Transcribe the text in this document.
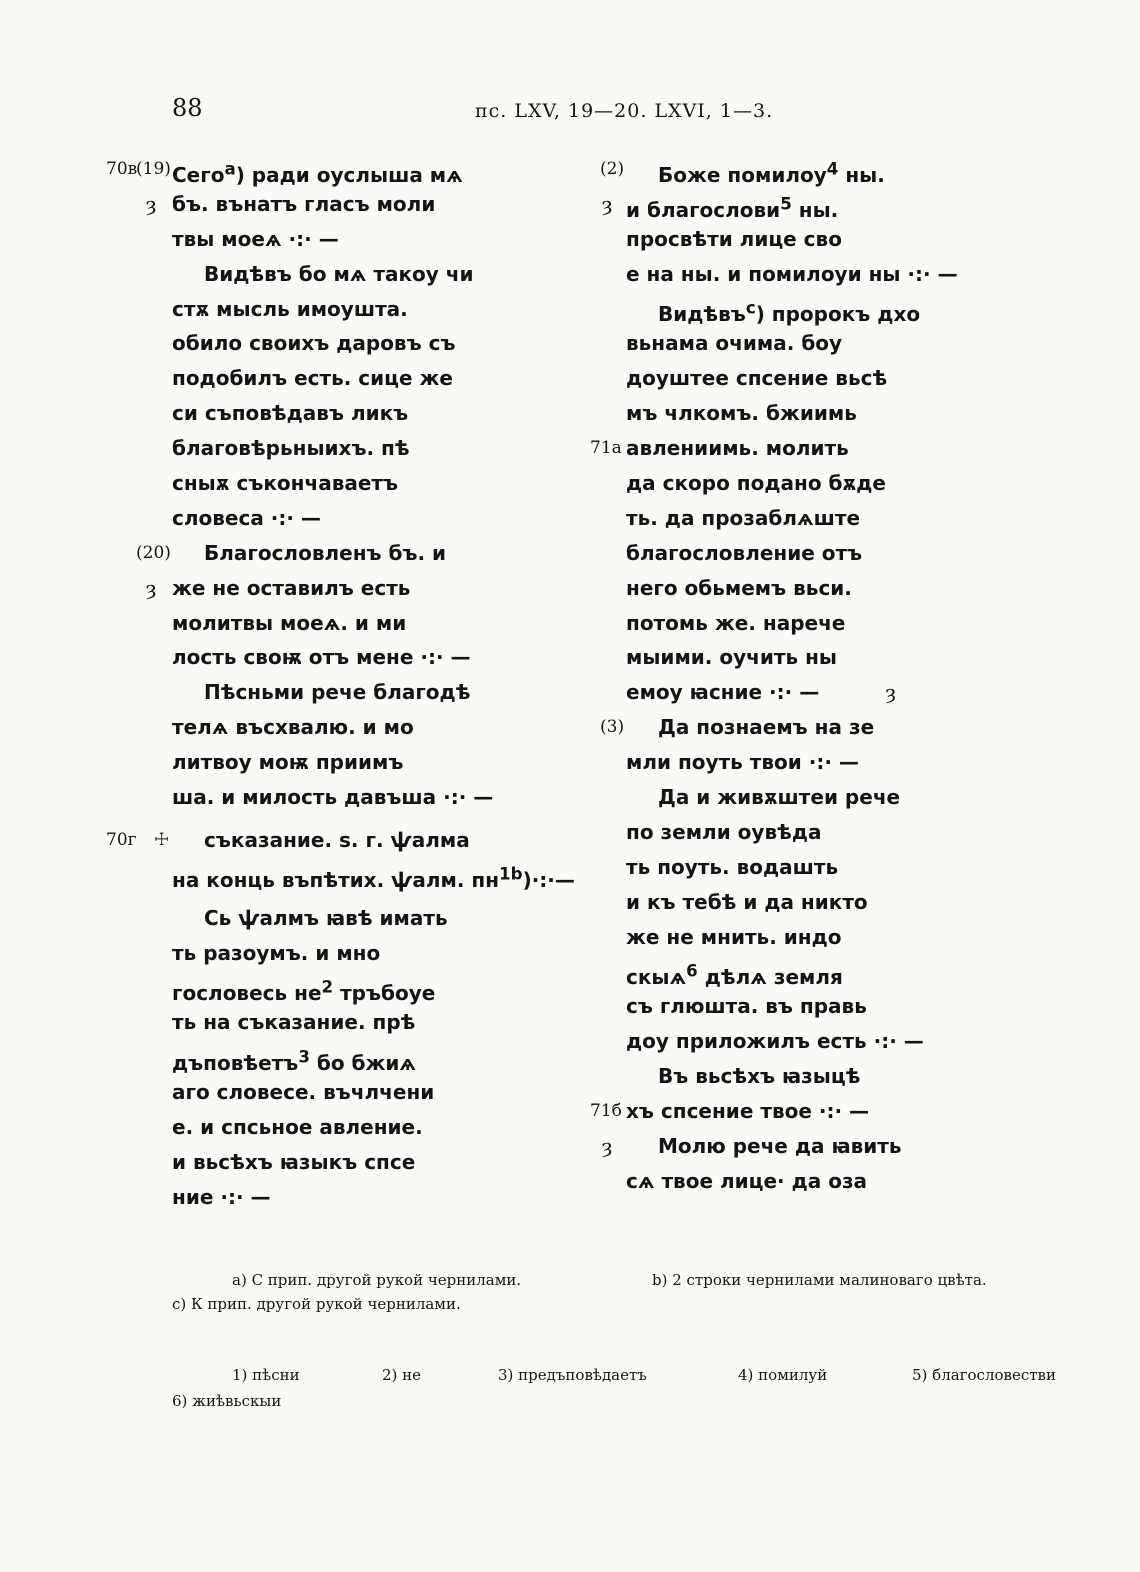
88	пс. LXV, 19—20. LXVI, 1—3.
70в
(19) Сего$^a$) ради оуслыша мѧ
ȝ бъ. вънатъ гласъ моли
твы моеѧ ·:· —
Видѣвъ бо мѧ такоу чи
стѫ мысль имоушта.
обило своихъ даровъ съ
подобилъ есть. сице же
си съповѣдавъ ликъ
благовѣрьныихъ. пѣ
сныѫ съкончаваетъ
словеса ·:· —
(20) Благословленъ бъ. и
ȝ же не оставилъ есть
молитвы моеѧ. и ми
лость своѭ отъ мене ·:· —
Пѣсньми рече благодѣ
телѧ въсхвалю. и мо
литвоу моѭ приимъ
ша. и милость давъша ·:· —
70г ☩ съказание. ѕ. г. ѱалма
на конць въпѣтих. ѱалм. $пн^{1b})\cdot:\cdot—$
Сь ѱалмъ ꙗвѣ имать
ть разоумъ. и мно
гословесь $не^2$ тръбоуе
ть на съказание. прѣ
дъповѣетъ$^3$ бо бжиѧ
аго словесе. въчлчени
е. и спсьное авлениe.
и вьсѣхъ ꙗзыкъ спсе
ние ·:· —
(2) Боже помилоу$^4$ ны.
ȝ и благослови$^5$ ны.
просвѣти лице сво
е на ны. и помилоуи ны ·:· —
Видѣвъ$^c$) пророкъ дхо
вьнама очима. боу
доуштее спсение вьсѣ
мъ члкомъ. бжиимь
71а авлениимь. молить
да скоро подано бѫде
ть. да прозаблѧштe
благословлениe отъ
него обьмемъ вьси.
потомь же. нарече
мыими. оучить ны
емоу ꙗсние ·:· —	ȝ
(3) Да познаемъ на зе
мли поуть твои ·:· —
Да и живѫштеи рече
по земли оувѣда
ть поуть. водашть
и къ тебѣ и да никто
же не мнить. индо
скыѧ$^6$ дѣлѧ земля
съ глюшта. въ правь
доу приложилъ есть ·:· —
Въ вьсѣхъ ꙗзыцѣ
71б хъ спсение твое ·:· —
ȝ Молю рече да ꙗвить
сѧ твое лице· да оза
a) С прип. другой рукой чернилами.	b) 2 строки чернилами малиноваго цвѣта.
c) К прип. другой рукой чернилами.
1) пѣсни	2) не	3) предъповѣдаетъ	4) помилуй	5) благословестви
6) жиѣвьскыи
